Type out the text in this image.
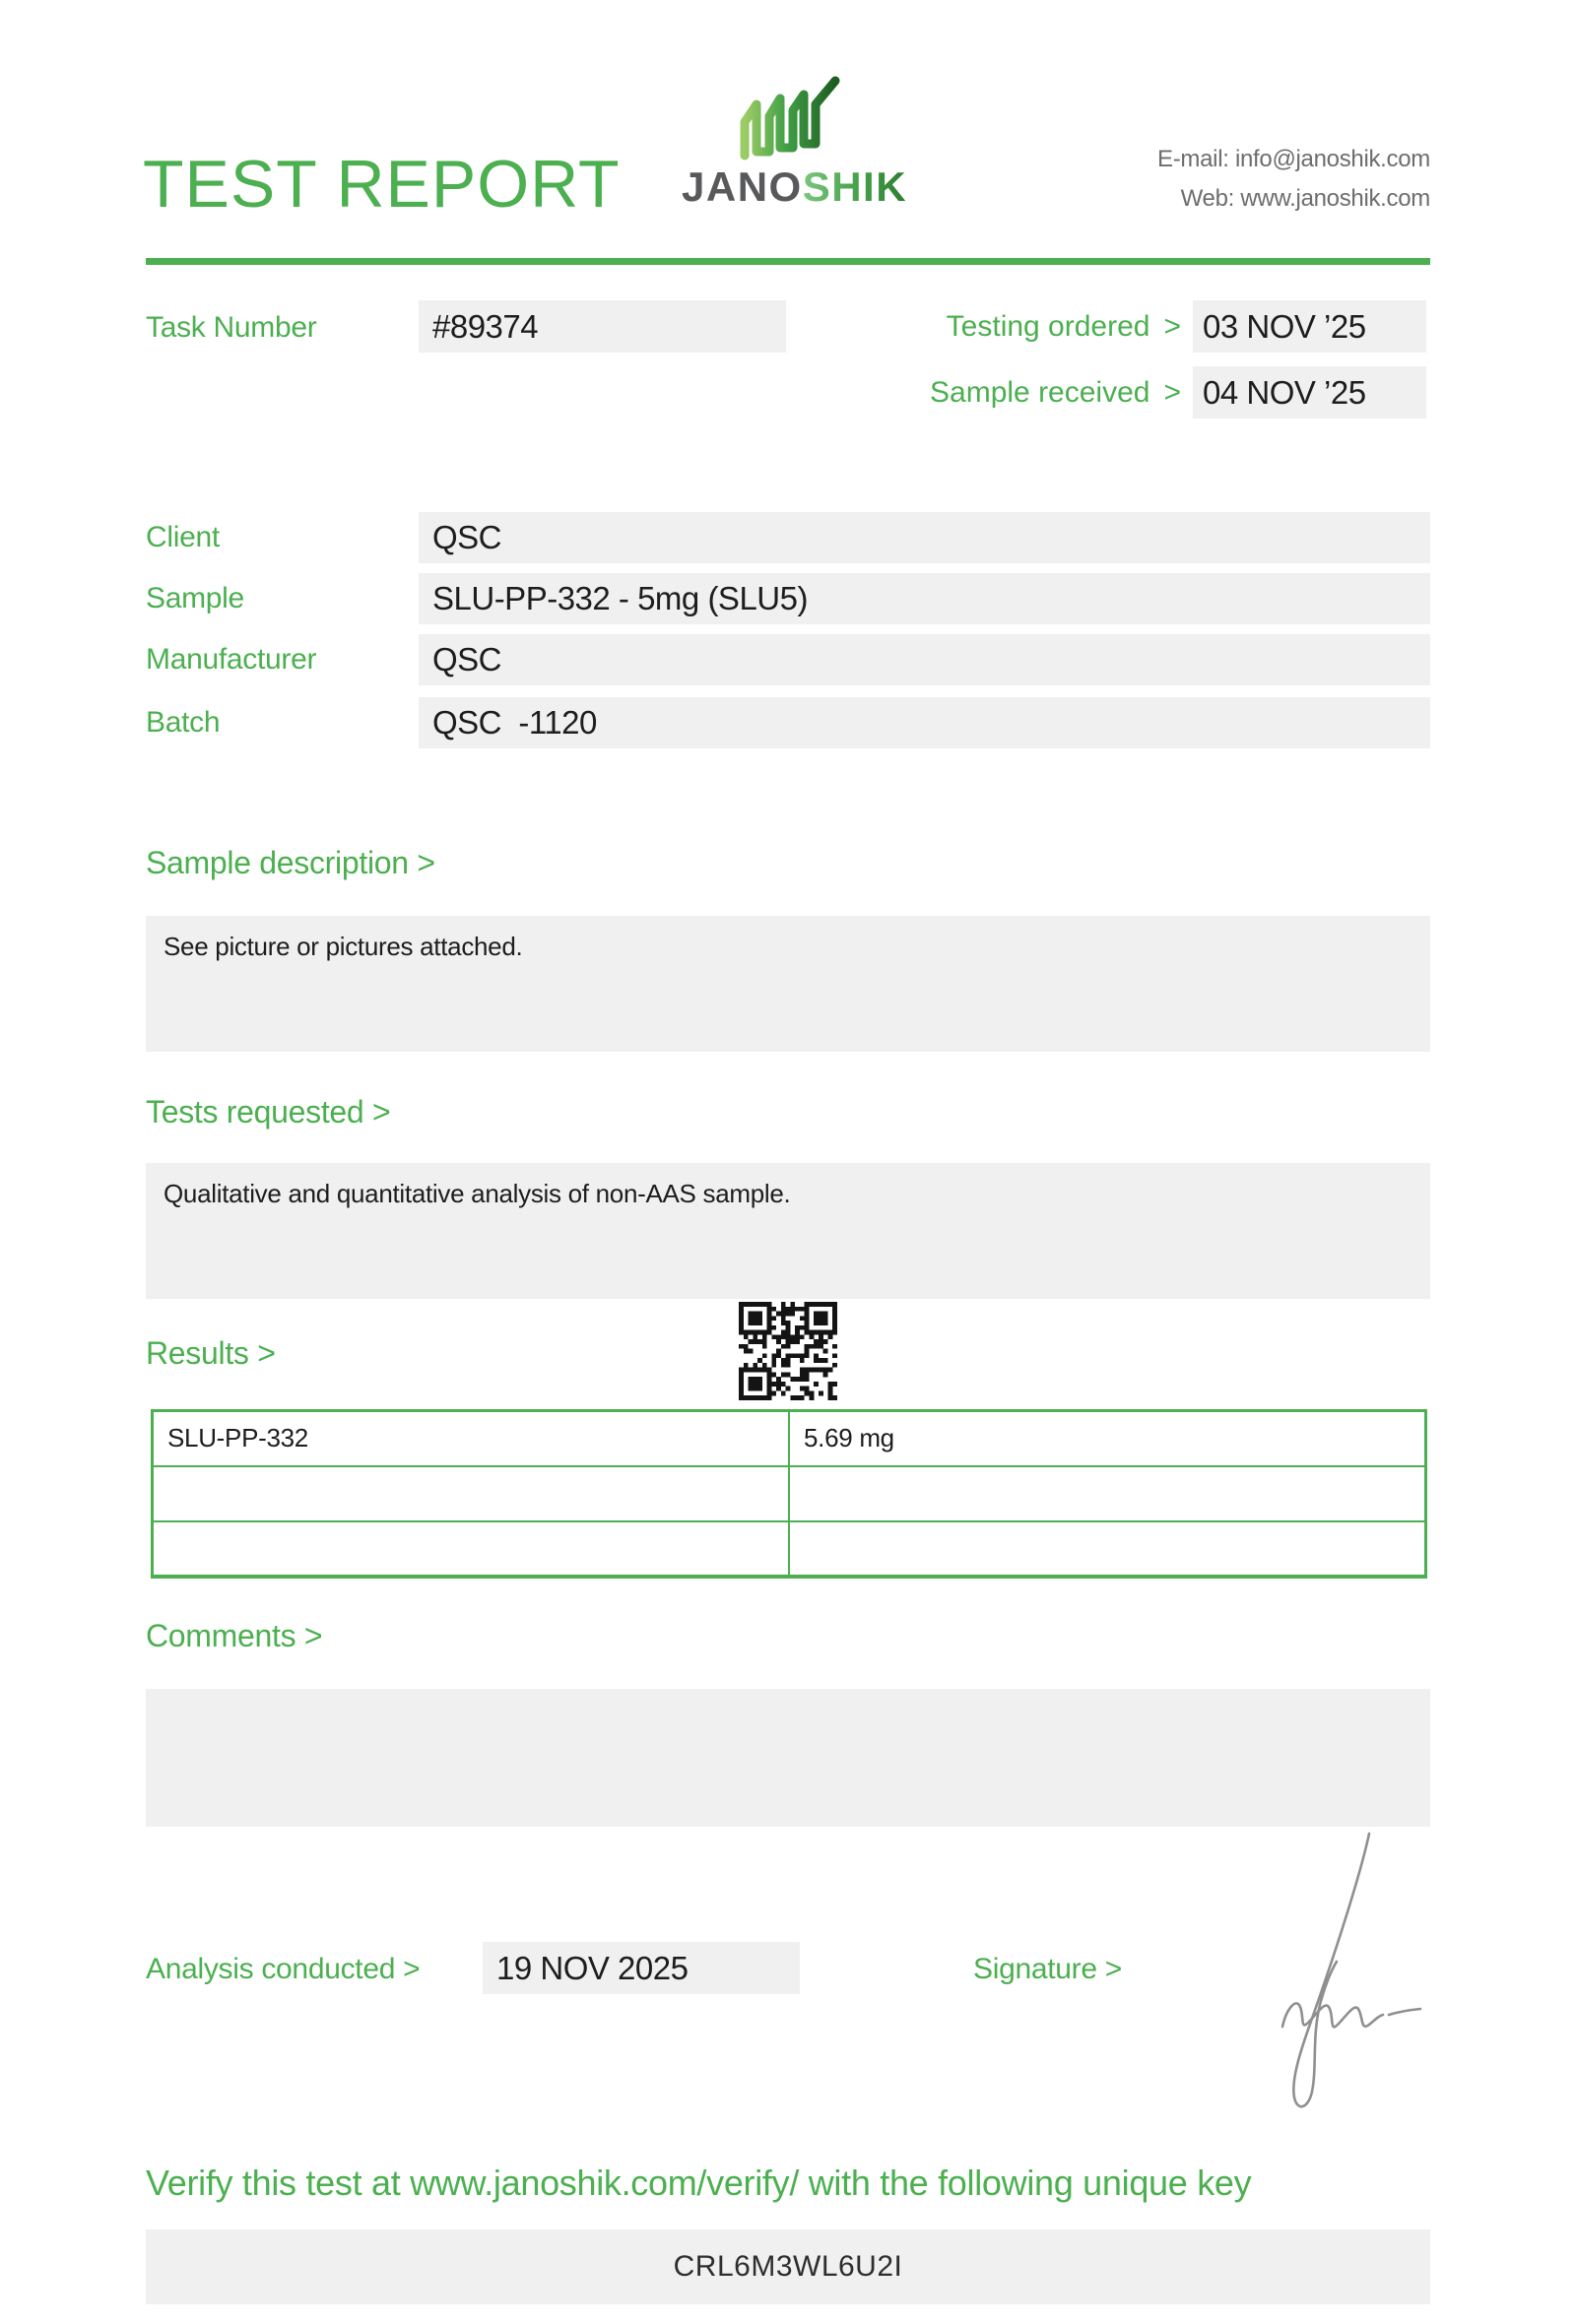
TEST REPORT JANOSHIK
E-mail: info@janoshik.com
Web: www.janoshik.com
Task Number	#89374	Testing ordered > 03 NOV ’25
Sample received > 04 NOV ’25
Client	QSC
Sample	SLU-PP-332 - 5mg (SLU5)
Manufacturer	QSC
Batch	QSC  -1120
Sample description >
See picture or pictures attached.
Tests requested >
Qualitative and quantitative analysis of non-AAS sample.
Results >
SLU-PP-332	5.69 mg

Comments >
Analysis conducted > 19 NOV 2025	Signature >
Verify this test at www.janoshik.com/verify/ with the following unique key
CRL6M3WL6U2I
